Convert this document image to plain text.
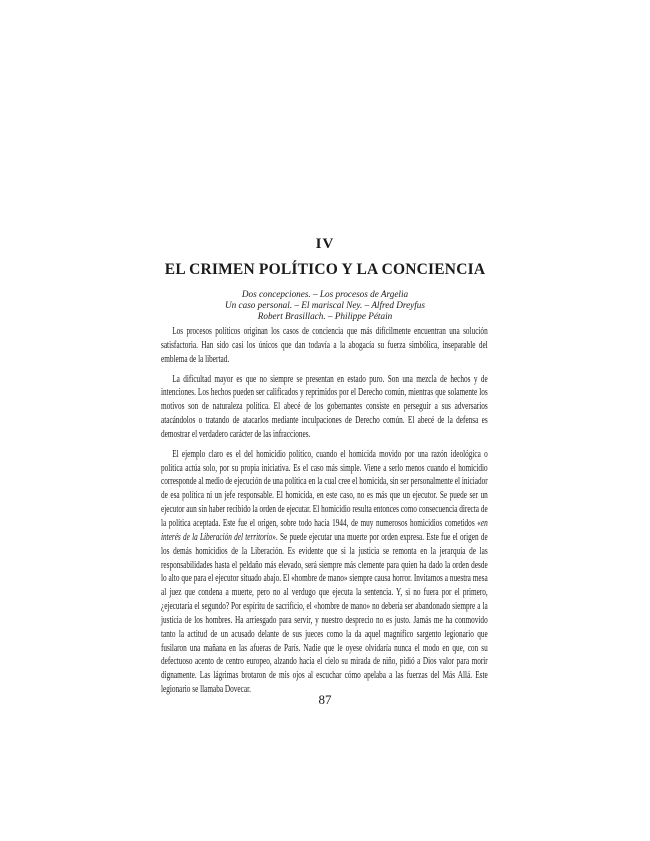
IV
EL CRIMEN POLÍTICO Y LA CONCIENCIA
Dos concepciones. – Los procesos de Argelia
Un caso personal. – El mariscal Ney. – Alfred Dreyfus
Robert Brasillach. – Philippe Pétain

Los procesos políticos originan los casos de conciencia que más difícilmente encuentran una solución satisfactoria. Han sido casi los únicos que dan todavía a la abogacía su fuerza simbólica, inseparable del emblema de la libertad.

La dificultad mayor es que no siempre se presentan en estado puro. Son una mezcla de hechos y de intenciones. Los hechos pueden ser calificados y reprimidos por el Derecho común, mientras que solamente los motivos son de naturaleza política. El abecé de los gobernantes consiste en perseguir a sus adversarios atacándolos o tratando de atacarlos mediante inculpaciones de Derecho común. El abecé de la defensa es demostrar el verdadero carácter de las infracciones.

El ejemplo claro es el del homicidio político, cuando el homicida movido por una razón ideológica o política actúa solo, por su propia iniciativa. Es el caso más simple. Viene a serlo menos cuando el homicidio corresponde al medio de ejecución de una política en la cual cree el homicida, sin ser personalmente el iniciador de esa política ni un jefe responsable. El homicida, en este caso, no es más que un ejecutor. Se puede ser un ejecutor aun sin haber recibido la orden de ejecutar. El homicidio resulta entonces como consecuencia directa de la política aceptada. Este fue el origen, sobre todo hacia 1944, de muy numerosos homicidios cometidos «en interés de la Liberación del territorio». Se puede ejecutar una muerte por orden expresa. Este fue el origen de los demás homicidios de la Liberación. Es evidente que si la justicia se remonta en la jerarquía de las responsabilidades hasta el peldaño más elevado, será siempre más clemente para quien ha dado la orden desde lo alto que para el ejecutor situado abajo. El «hombre de mano» siempre causa horror. Invitamos a nuestra mesa al juez que condena a muerte, pero no al verdugo que ejecuta la sentencia. Y, si no fuera por el primero, ¿ejecutaría el segundo? Por espíritu de sacrificio, el «hombre de mano» no debería ser abandonado siempre a la justicia de los hombres. Ha arriesgado para servir, y nuestro desprecio no es justo. Jamás me ha conmovido tanto la actitud de un acusado delante de sus jueces como la da aquel magnífico sargento legionario que fusilaron una mañana en las afueras de París. Nadie que le oyese olvidaría nunca el modo en que, con su defectuoso acento de centro europeo, alzando hacia el cielo su mirada de niño, pidió a Dios valor para morir dignamente. Las lágrimas brotaron de mis ojos al escuchar cómo apelaba a las fuerzas del Más Allá. Este legionario se llamaba Dovecar.

87
